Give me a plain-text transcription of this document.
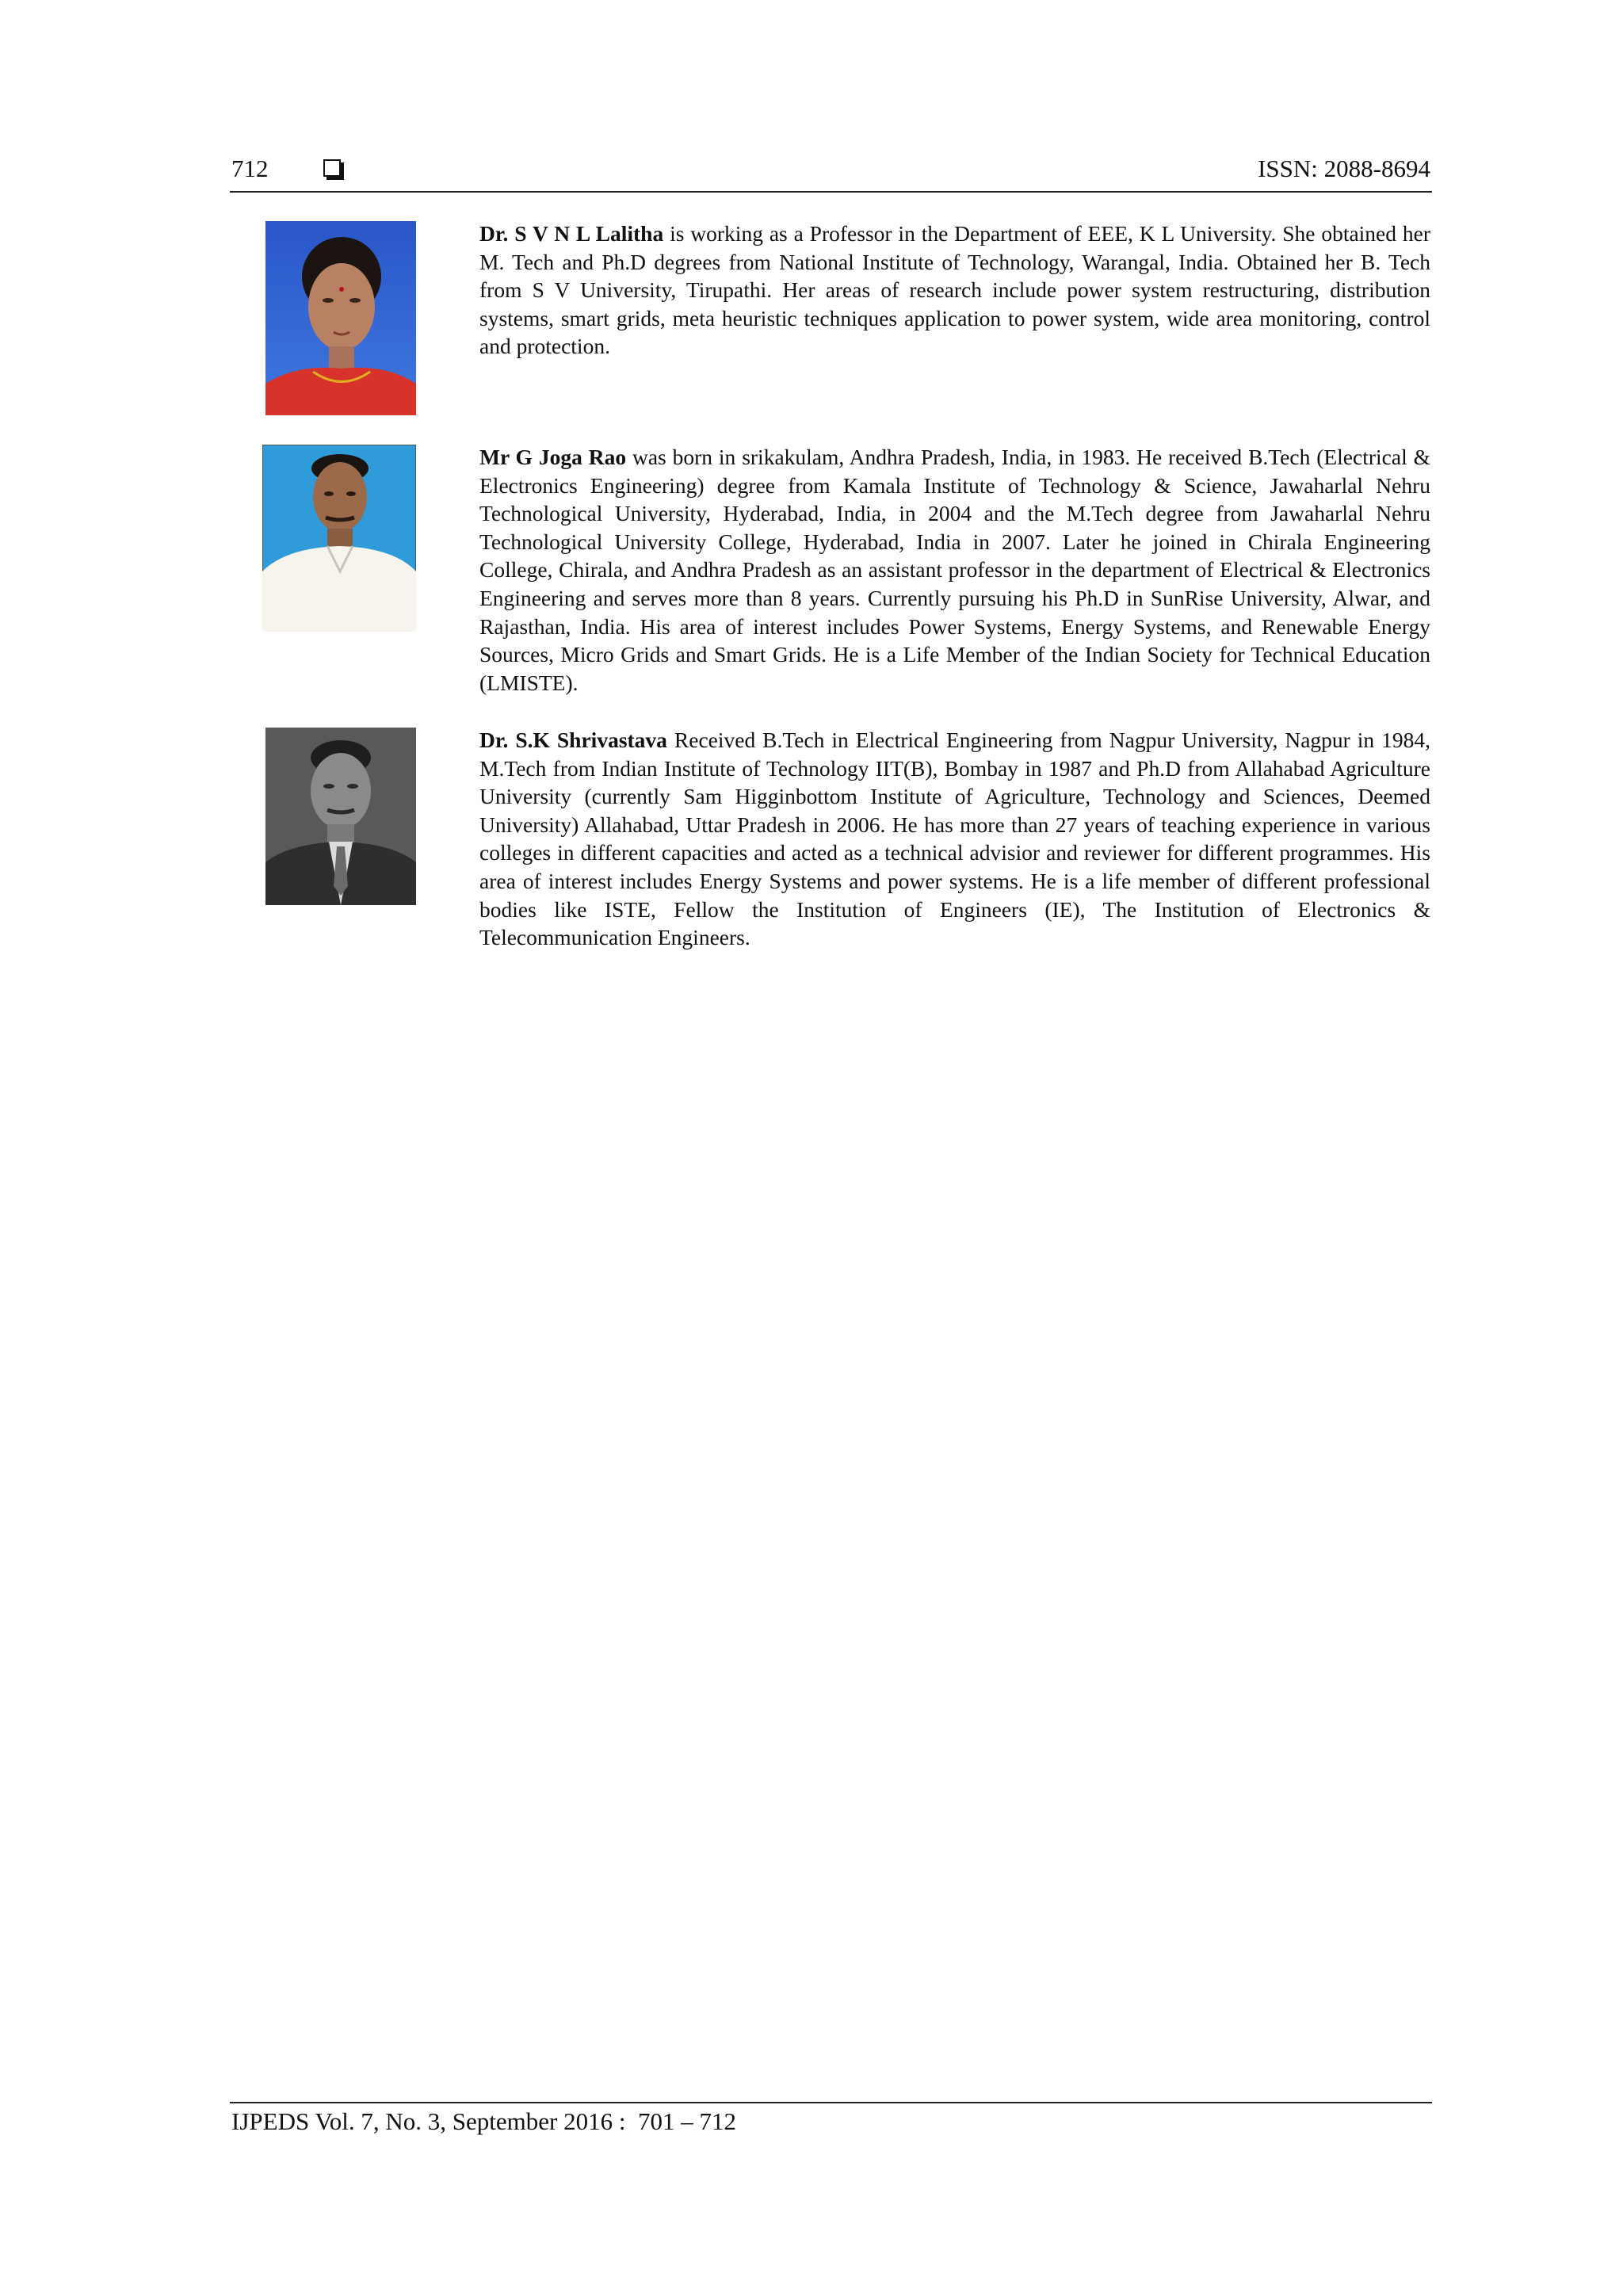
712	ISSN: 2088-8694

Dr. S V N L Lalitha is working as a Professor in the Department of EEE, K L University. She obtained her M. Tech and Ph.D degrees from National Institute of Technology, Warangal, India. Obtained her B. Tech from S V University, Tirupathi. Her areas of research include power system restructuring, distribution systems, smart grids, meta heuristic techniques application to power system, wide area monitoring, control and protection.

Mr G Joga Rao was born in srikakulam, Andhra Pradesh, India, in 1983. He received B.Tech (Electrical & Electronics Engineering) degree from Kamala Institute of Technology & Science, Jawaharlal Nehru Technological University, Hyderabad, India, in 2004 and the M.Tech degree from Jawaharlal Nehru Technological University College, Hyderabad, India in 2007. Later he joined in Chirala Engineering College, Chirala, and Andhra Pradesh as an assistant professor in the department of Electrical & Electronics Engineering and serves more than 8 years. Currently pursuing his Ph.D in SunRise University, Alwar, and Rajasthan, India. His area of interest includes Power Systems, Energy Systems, and Renewable Energy Sources, Micro Grids and Smart Grids. He is a Life Member of the Indian Society for Technical Education (LMISTE).

Dr. S.K Shrivastava Received B.Tech in Electrical Engineering from Nagpur University, Nagpur in 1984, M.Tech from Indian Institute of Technology IIT(B), Bombay in 1987 and Ph.D from Allahabad Agriculture University (currently Sam Higginbottom Institute of Agriculture, Technology and Sciences, Deemed University) Allahabad, Uttar Pradesh in 2006. He has more than 27 years of teaching experience in various colleges in different capacities and acted as a technical advisior and reviewer for different programmes. His area of interest includes Energy Systems and power systems. He is a life member of different professional bodies like ISTE, Fellow the Institution of Engineers (IE), The Institution of Electronics & Telecommunication Engineers.

IJPEDS Vol. 7, No. 3, September 2016 :  701 – 712
